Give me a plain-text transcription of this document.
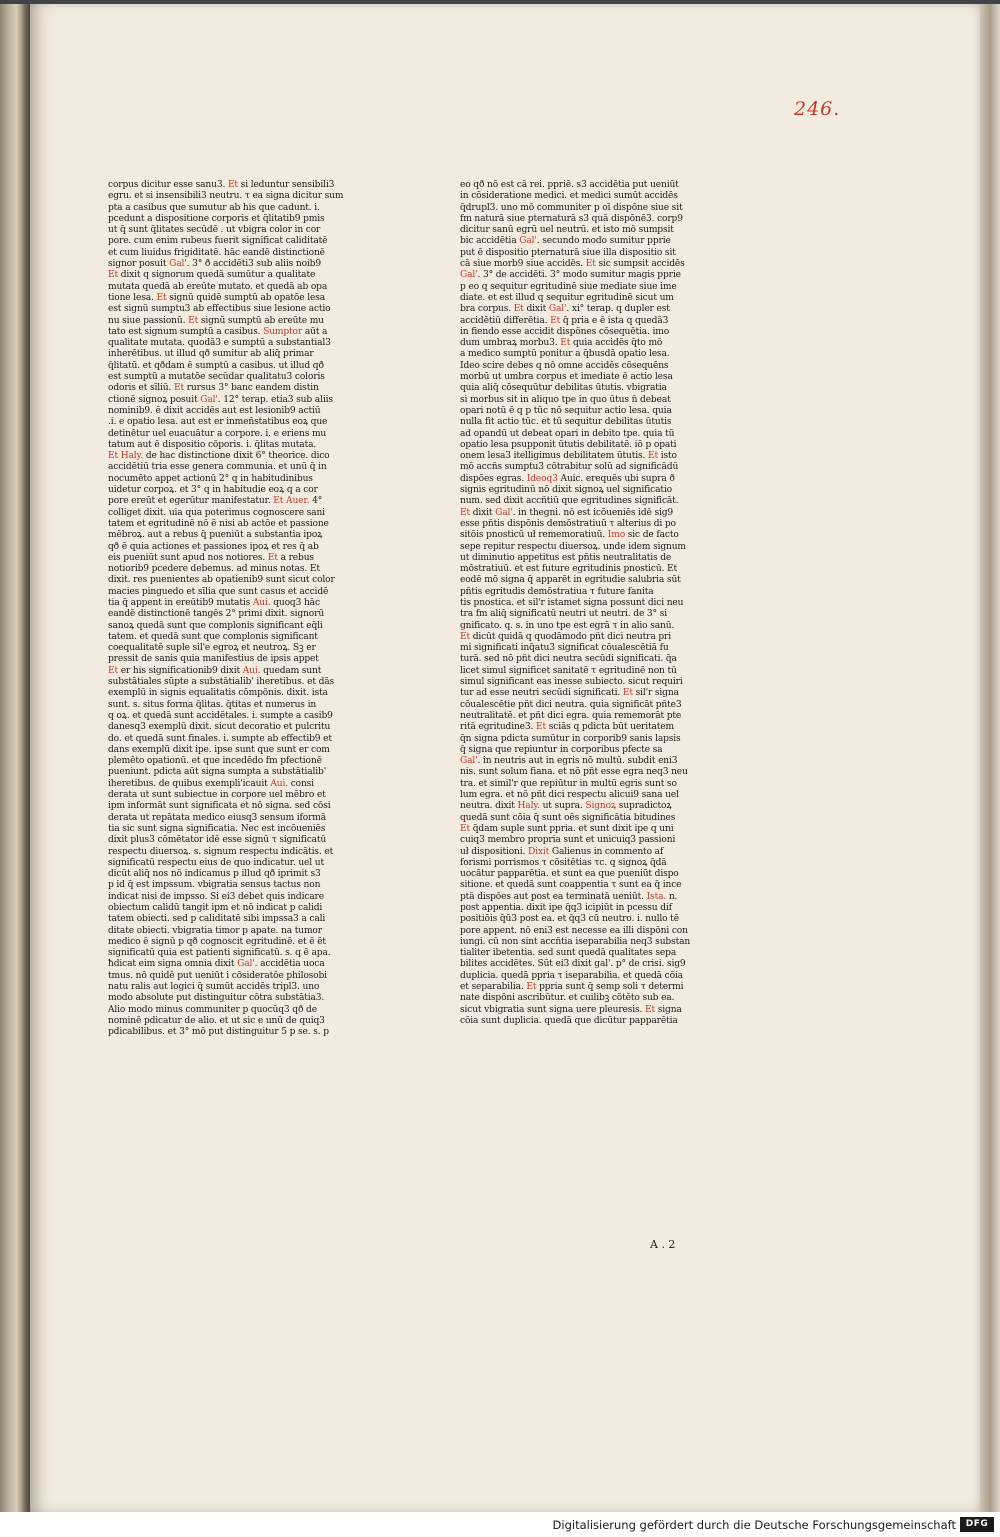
246.
corpus dicitur esse sanu3. Et si leduntur sensibili3
egru. et si insensibili3 neutru. τ ea signa dicitur sum
pta a casibus que sumutur ab his que cadunt. i.
pcedunt a dispositione corporis et q̄litatib9 pmis
ut q̄ sunt q̄litates secūdē . ut vbigra color in cor
pore. cum enim rubeus fuerit significat caliditatē
et cum liuidus frigiditatē. hāc eandē distinctionē
signor posuit Gal'. 3° ð accidēti3 sub aliis noib9
Et dixit q signorum quedā sumūtur a qualitate
mutata quedā ab ereūte mutato. et quedā ab opa
tione lesa. Et signū quidē sumptū ab opatōe lesa
est signū sumptu3 ab effectibus siue lesione actio
nu siue passionū. Et signū sumptū ab ereūte mu
tato est signum sumptū a casibus. Sumptor aūt a
qualitate mutata. quodā3 e sumptū a substantial3
inherētibus. ut illud qð sumitur ab aliq̄ primar
q̄litatū. et qðdam ē sumptū a casibus. ut illud qð
est sumptū a mutatōe secūdar qualitatu3 coloris
odoris et sīliū. Et rursus 3° banc eandem distin
ctionē signoꝝ posuit Gal'. 12° terap. etia3 sub aliis
nominib9. ē dixit accidēs aut est lesionib9 actiū
.i. e opatio lesa. aut est er inmeñstatibus eoꝝ que
detinētur uel euacuātur a corpore. i. e eriens mu
tatum aut ē dispositio cōporis. i. q̄litas mutata.
Et Haly. de hac distinctione dixit 6° theorice. dico
accidētiū tria esse genera communia. et unū q̄ in
nocumēto appet actionū 2° q in habitudinibus
uidetur corpoꝝ. et 3° q in habitudie eoꝝ q a cor
pore ereūt et egerūtur manifestatur. Et Auer. 4°
colliget dixit. uia qua poterimus cognoscere sani
tatem et egritudinē nō ē nisi ab actōe et passione
mēbroꝝ. aut a rebus q̄ pueniūt a substantia ipoꝝ
qð ē quia actiones et passiones ipoꝝ et res q̄ ab
eis pueniūt sunt apud nos notiores. Et a rebus
notiorib9 pcedere debemus. ad minus notas. Et
dixit. res puenientes ab opatienib9 sunt sicut color
macies pinguedo et sīlia que sunt casus et accidē
tia q̄ appent in ereūtib9 mutatis Aui. quoq3 hāc
eandē distinctionē tangēs 2° primi dixit. signorū
sanoꝝ quedā sunt que complonis significant eq̄li
tatem. et quedā sunt que complonis significant
coequalitatē suple sil'e egroꝝ et neutroꝝ. Sꝫ er
pressit de sanis quia manifestius de ipsis appet
Et er his significationib9 dixit Aui. quedam sunt
substātiales sūpte a substātialib' iheretibus. et dās
exemplū in signis equalitatis cōmpōnis. dixit. ista
sunt. s. situs forma q̄litas. q̄titas et numerus in
q oꝝ. et quedā sunt accidētales. i. sumpte a casib9
danesq3 exemplū dixit. sicut decoratio et pulcritu
do. et quedā sunt finales. i. sumpte ab effectib9 et
dans exemplū dixit ipe. ipse sunt que sunt er com
plemēto opationū. et que incedēdo fm pfectionē
pueniunt. pdicta aūt signa sumpta a substātialib'
iheretibus. de quibus exempli'icauit Aui. consi
derata ut sunt subiectue in corpore uel mēbro et
ipm informāt sunt significata et nō signa. sed cōsi
derata ut repātata medico eiusq3 sensum iformā
tia sic sunt signa significatia. Nec est incōueniēs
dixit plus3 cōmētator idē esse signū τ significatū
respectu diuersoꝝ. s. signum respectu indicātis. et
significatū respectu eius de quo indicatur. uel ut
dicūt aliq̄ nos nō indicamus p illud qð iprimit s3
p id q̄ est impssum. vbigratia sensus tactus non
indicat nisi de impsso. Si ei3 debet quis indicare
obiectum calidū tangit ipm et nō indicat p calidi
tatem obiecti. sed p caliditatē sibi impssa3 a cali
ditate obiecti. vbigratia timor p apate. na tumor
medico ē signū p qð cognoscit egritudinē. et ē ēt
significatū quia est patienti significatū. s. q ē apa.
ħdicat eim signa omnia dixit Gal'. accidētia uoca
tmus. nō quidē put ueniūt i cōsideratōe philosobi
natu ralis aut logici q̄ sumūt accidēs tripl3. uno
modo absolute put distinguitur cōtra substātia3.
Alio modo minus communiter p quocūq3 qð de
nominē pdicatur de alio. et ut sic e unū de quiq3
pdicabilibus. et 3° mō put distinguitur 5 p se. s. p
eo qð nō est cā rei. ppriē. s3 accidētia put ueniūt
in cōsideratione medici. et medici sumūt accidēs
q̄drupl3. uno mō communiter p oī dispōne siue sit
fm naturā siue pternaturā s3 quā dispōnē3. corp9
dicitur sanū egrū uel neutrū. et isto mō sumpsit
bic accidētia Gal'. secundo modo sumitur pprie
put ē dispositio pternaturā siue illa dispositio sit
cā siue morb9 siue accidēs. Et sic sumpsit accidēs
Gal'. 3° de accidēti. 3° modo sumitur magis pprie
p eo q sequitur egritudinē siue mediate siue ime
diate. et est illud q sequitur egritudinē sicut um
bra corpus. Et dixit Gal'. xi° terap. q dupler est
accidētiū differētia. Et q̄ pria e ē ista q quedā3
in fiendo esse accidit dispōnes cōsequētia. imo
dum umbraꝝ morbu3. Et quia accidēs q̄to mō
a medico sumptū ponitur a q̄busdā opatio lesa.
Ideo scire debes q nō omne accidēs cōsequēns
morbū ut umbra corpus et imediate ē actio lesa
quia aliq̄ cōsequūtur debilitas ūtutis. vbigratia
si morbus sit in aliquo tpe in quo ūtus n̄ debeat
opari notū ē q p tūc nō sequitur actio lesa. quia
nulla fit actio tūc. et tū sequitur debilitas ūtutis
ad opandū ut debeat opari in debito tpe. quia tū
opatio lesa psupponit ūtutis debilitatē. iō p opati
onem lesa3 itelligimus debilitatem ūtutis. Et isto
mō accñs sumptu3 cōtrabitur solū ad significādū
dispōes egras. Ideoq3 Auic. erequēs ubi supra ð
signis egritudinū nō dixit signoꝝ uel significatio
num. sed dixit accñtiū que egritudines significāt.
Et dixit Gal'. in thegni. nō est icōueniēs idē sig9
esse pñtis dispōnis demōstratiuū τ alterius di po
sitōis pnosticū uł rememoratiuū. Imo sic de facto
sepe repitur respectu diuersoꝝ. unde idem signum
ut diminutio appetitus est pñtis neutralitatis de
mōstratiuū. et est future egritudinis pnosticū. Et
eodē mō signa q̄ apparēt in egritudie salubria sūt
pñtis egritudis demōstratiua τ future fanita
tis pnostica. et sil'r istamet signa possunt dici neu
tra fm aliq̄ significatū neutri ut neutri. de 3° si
gnificato. q. s. in uno tpe est egrā τ in alio sanū.
Et dicūt quidā q quodāmodo pñt dici neutra pri
mi significati inq̄atu3 significat cōualescētiā fu
turā. sed nō pñt dici neutra secūdi significati. q̄a
licet simul significet sanitatē τ egritudinē non tū
simul significant eas inesse subiecto. sicut requiri
tur ad esse neutri secūdi significati. Et sil'r signa
cōualescētie pñt dici neutra. quia significāt pñte3
neutralitatē. et pñt dici egra. quia rememorāt pte
ritā egritudine3. Et sciās q pdicta būt ueritatem
q̄n signa pdicta sumūtur in corporib9 sanis lapsis
q̄ signa que repiuntur in corporibus pfecte sa
Gal'. in neutris aut in egris nō multū. subdit eni3
nis. sunt solum fiana. et nō pñt esse egra neq3 neu
tra. et simil'r que repiūtur in multū egris sunt so
lum egra. et nō pñt dici respectu alicui9 sana uel
neutra. dixit Haly. ut supra. Signoꝝ supradictoꝝ
quedā sunt cōia q̄ sunt oēs significātia bitudines
Et q̄dam suple sunt ppria. et sunt dixit ipe q uni
cuiq3 membro propria sunt et unicuiq3 passioni
uł dispositioni. Dixit Galienus in commento af
forismi porrismos τ cōsitētias τc. q signoꝝ q̄dā
uocātur papparētia. et sunt ea que pueniūt dispo
sitione. et quedā sunt coappentia τ sunt ea q̄ ince
ptā dispōes aut post ea terminatā ueniūt. Ista. n.
post appentia. dixit ipe q̄q3 icipiūt in pcessu dif
positiōis q̄ū3 post ea. et q̄q3 cū neutro. i. nullo tē
pore appent. nō eni3 est necesse ea illi dispōni con
iungi. cū non sint accñtia iseparabilia neq3 substan
tialiter ibetentia. sed sunt quedā qualitates sepa
bilites accidētes. Sūt ei3 dixit gal'. p° de crisi. sig9
duplicia. quedā ppria τ iseparabilia. et quedā cōia
et separabilia. Et ppria sunt q̄ semp soli τ determi
nate dispōni ascribūtur. et cuilibꝫ cōtēto sub ea.
sicut vbigratia sunt signa uere pleuresis. Et signa
cōia sunt duplicia. quedā que dicūtur papparētia
A . 2
Digitalisierung gefördert durch die Deutsche Forschungsgemeinschaft	DFG
